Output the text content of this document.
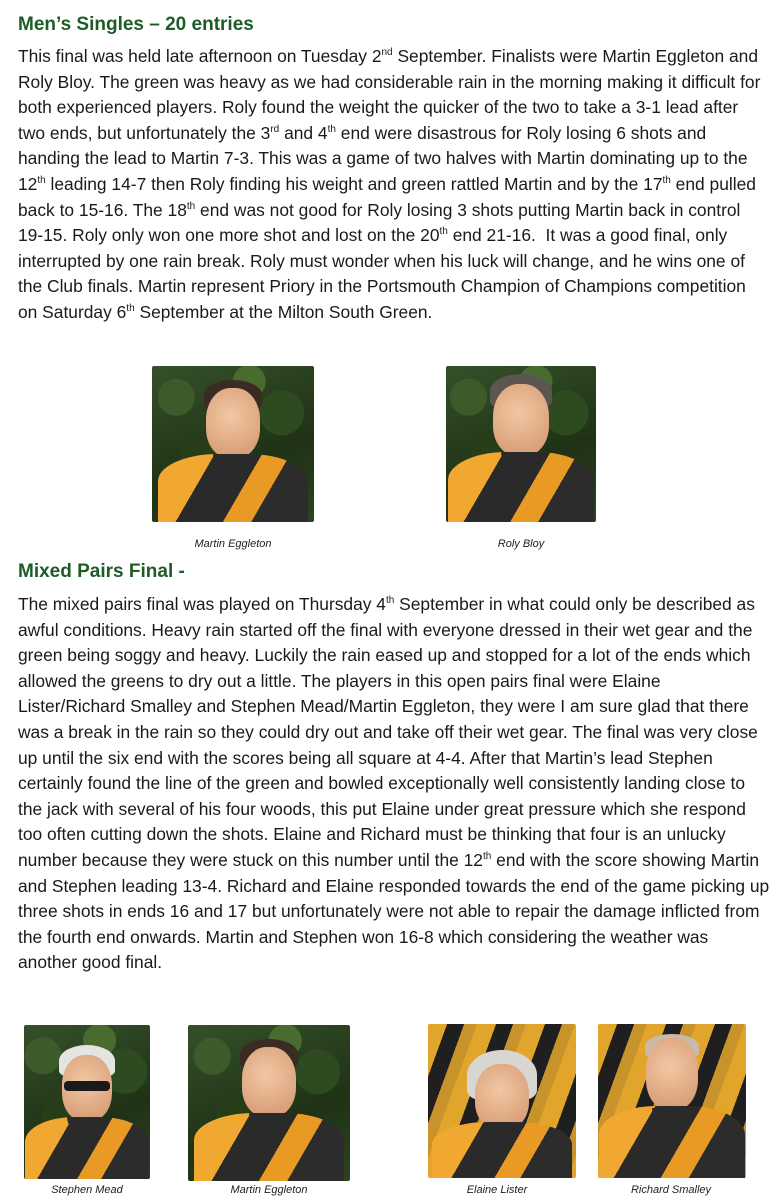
Men’s Singles – 20 entries

This final was held late afternoon on Tuesday 2nd September. Finalists were Martin Eggleton and Roly Bloy. The green was heavy as we had considerable rain in the morning making it difficult for both experienced players. Roly found the weight the quicker of the two to take a 3-1 lead after two ends, but unfortunately the 3rd and 4th end were disastrous for Roly losing 6 shots and handing the lead to Martin 7-3. This was a game of two halves with Martin dominating up to the 12th leading 14-7 then Roly finding his weight and green rattled Martin and by the 17th end pulled back to 15-16. The 18th end was not good for Roly losing 3 shots putting Martin back in control 19-15. Roly only won one more shot and lost on the 20th end 21-16.  It was a good final, only interrupted by one rain break. Roly must wonder when his luck will change, and he wins one of the Club finals. Martin represent Priory in the Portsmouth Champion of Champions competition on Saturday 6th September at the Milton South Green.

Martin Eggleton	Roly Bloy
Mixed Pairs Final -

The mixed pairs final was played on Thursday 4th September in what could only be described as awful conditions. Heavy rain started off the final with everyone dressed in their wet gear and the green being soggy and heavy. Luckily the rain eased up and stopped for a lot of the ends which allowed the greens to dry out a little. The players in this open pairs final were Elaine Lister/Richard Smalley and Stephen Mead/Martin Eggleton, they were I am sure glad that there was a break in the rain so they could dry out and take off their wet gear. The final was very close up until the six end with the scores being all square at 4-4. After that Martin’s lead Stephen certainly found the line of the green and bowled exceptionally well consistently landing close to the jack with several of his four woods, this put Elaine under great pressure which she respond too often cutting down the shots. Elaine and Richard must be thinking that four is an unlucky number because they were stuck on this number until the 12th end with the score showing Martin and Stephen leading 13-4. Richard and Elaine responded towards the end of the game picking up three shots in ends 16 and 17 but unfortunately were not able to repair the damage inflicted from the fourth end onwards. Martin and Stephen won 16-8 which considering the weather was another good final.

Stephen Mead	Martin Eggleton	Elaine Lister	Richard Smalley
